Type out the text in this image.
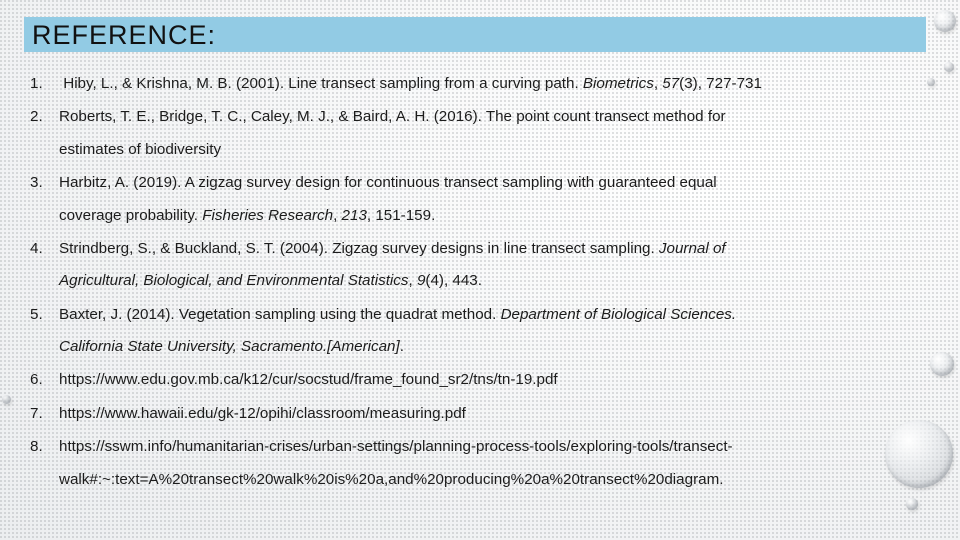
REFERENCE:
1. Hiby, L., & Krishna, M. B. (2001). Line transect sampling from a curving path. Biometrics, 57(3), 727-731
2. Roberts, T. E., Bridge, T. C., Caley, M. J., & Baird, A. H. (2016). The point count transect method for
estimates of biodiversity
3. Harbitz, A. (2019). A zigzag survey design for continuous transect sampling with guaranteed equal
coverage probability. Fisheries Research, 213, 151-159.
4. Strindberg, S., & Buckland, S. T. (2004). Zigzag survey designs in line transect sampling. Journal of
Agricultural, Biological, and Environmental Statistics, 9(4), 443.
5. Baxter, J. (2014). Vegetation sampling using the quadrat method. Department of Biological Sciences.
California State University, Sacramento.[American].
6. https://www.edu.gov.mb.ca/k12/cur/socstud/frame_found_sr2/tns/tn-19.pdf
7. https://www.hawaii.edu/gk-12/opihi/classroom/measuring.pdf
8. https://sswm.info/humanitarian-crises/urban-settings/planning-process-tools/exploring-tools/transect-
walk#:~:text=A%20transect%20walk%20is%20a,and%20producing%20a%20transect%20diagram.
